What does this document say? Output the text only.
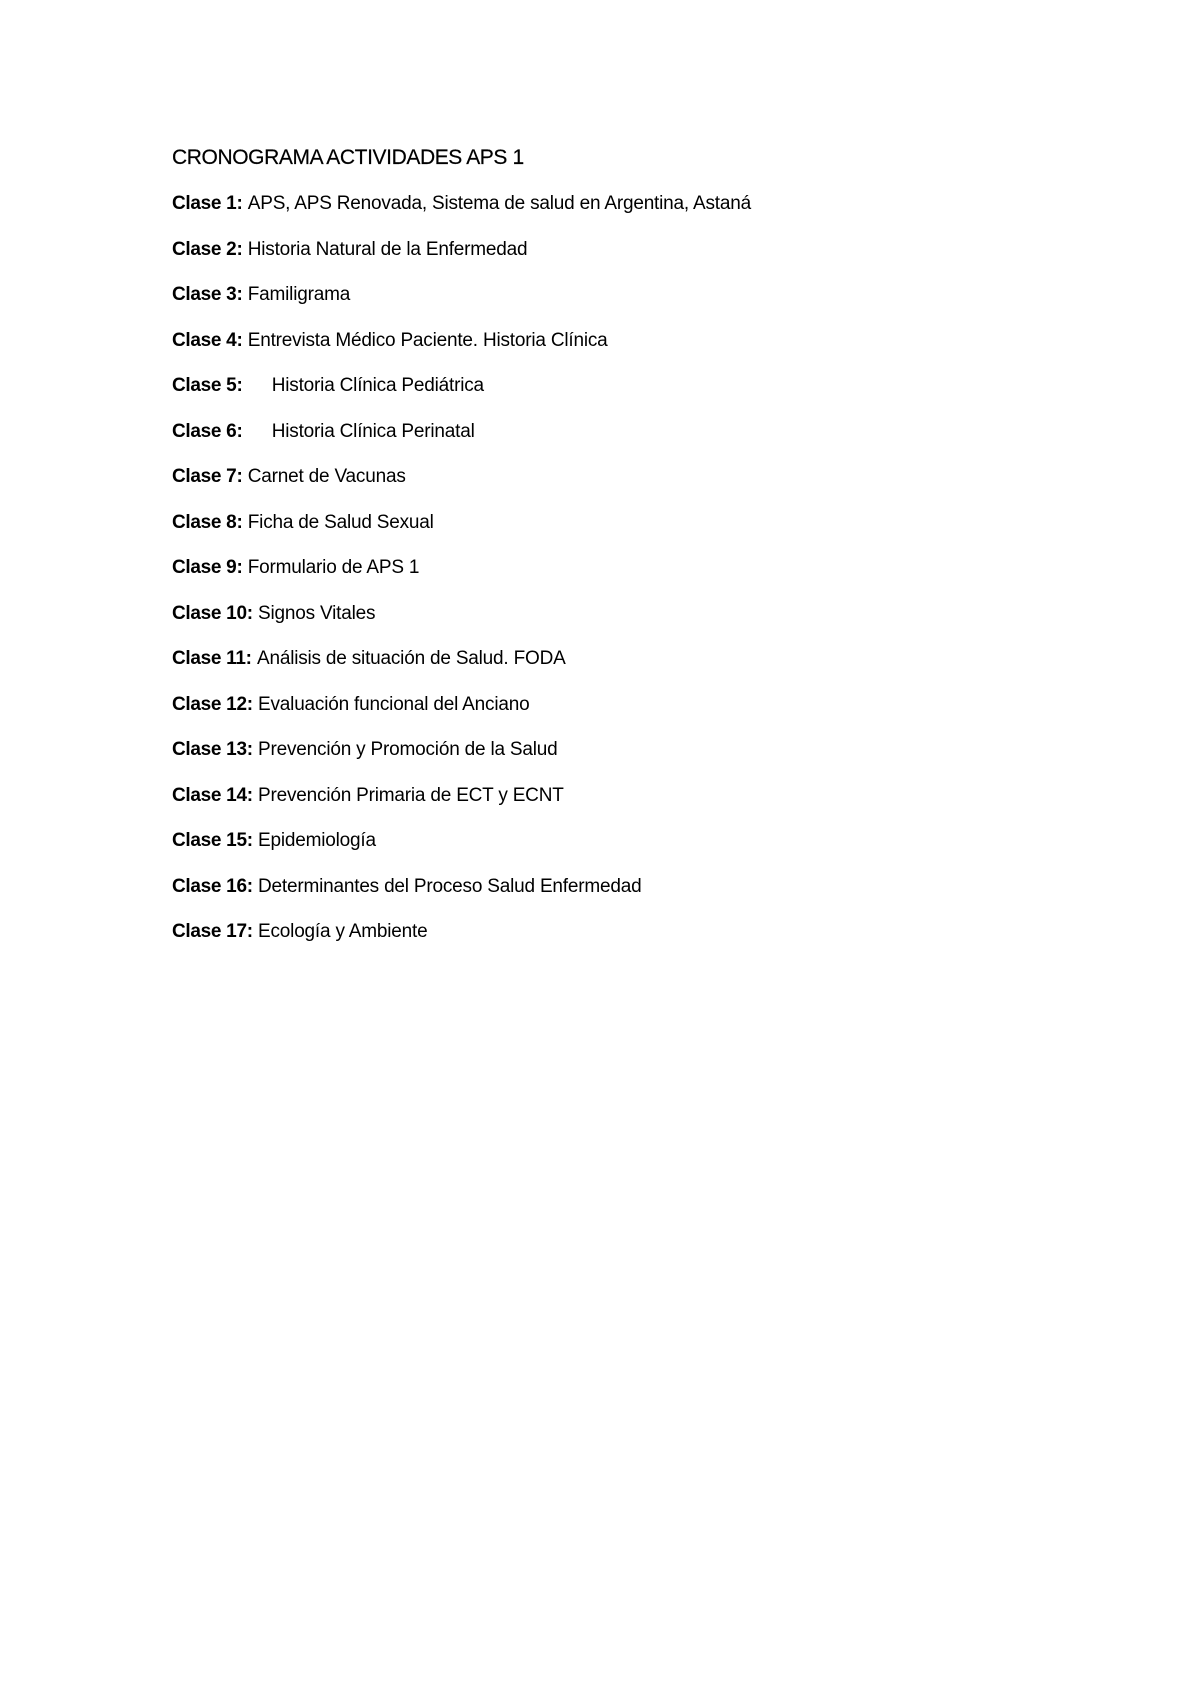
CRONOGRAMA ACTIVIDADES APS 1
Clase 1: APS, APS Renovada, Sistema de salud en Argentina, Astaná
Clase 2: Historia Natural de la Enfermedad
Clase 3: Familigrama
Clase 4: Entrevista Médico Paciente. Historia Clínica
Clase 5: Historia Clínica Pediátrica
Clase 6: Historia Clínica Perinatal
Clase 7: Carnet de Vacunas
Clase 8: Ficha de Salud Sexual
Clase 9: Formulario de APS 1
Clase 10: Signos Vitales
Clase 11: Análisis de situación de Salud. FODA
Clase 12: Evaluación funcional del Anciano
Clase 13: Prevención y Promoción de la Salud
Clase 14: Prevención Primaria de ECT y ECNT
Clase 15: Epidemiología
Clase 16: Determinantes del Proceso Salud Enfermedad
Clase 17: Ecología y Ambiente
